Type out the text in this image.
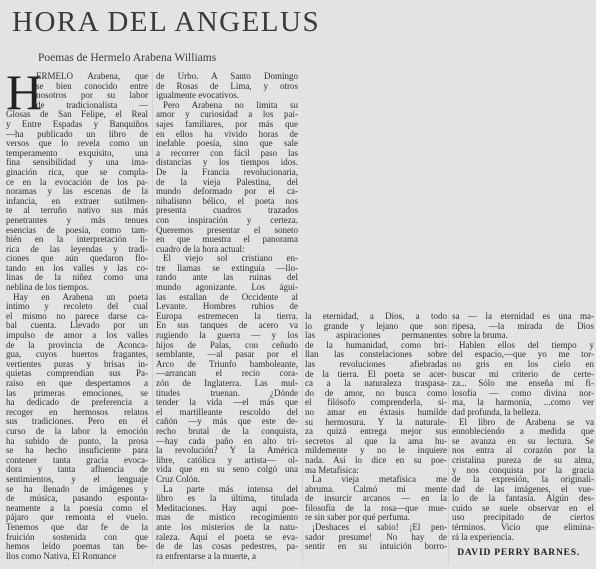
HORA DEL ANGELUS
Poemas de Hermelo Arabena Williams
H
ERMELO Arabena, que
se bien conocido entre
nosotros por su labor
de tradicionalista —
Glosas de San Felipe, el Real
y Entre Espadas y Banquiños
—ha publicado un libro de
versos que lo revela como un
temperamento exquisito, una
fina sensibilidad y una ima-
ginación rica, que se compla-
ce en la evocación de los pa-
noramas y las escenas de la
infancia, en extraer sutilmen-
te al terruño nativo sus más
penetrantes y más tenues
esencias de poesía, como tam-
bién en la interpretación lí-
rica de las leyendas y tradi-
ciones que aún quedaron flo-
tando en los valles y las co-
linas de la niñez como una
neblina de los tiempos.
Hay en Arabena un poeta
íntimo y recoleto del cual
el mismo no parece darse ca-
bal cuenta. Llevado por un
impulso de amor a los valles
de la provincia de Aconca-
gua, cuyos huertos fragantes,
vertientes puras y brisas in-
quietas comprendían sus Pa-
raíso en que despertamos a
las primeras emociones, se
ha dedicado de preferencia a
recoger en hermosos relatos
sus tradiciones. Pero en el
curso de la labor la emoción
ha subido de punto, la prosa
se ha hecho insuficiente para
contener tanta gracia evoca-
dora y tanta afluencia de
sentimientos, y el lenguaje
se ha llenado de imágenes y
de música, pasando esponta-
neamente a la poesía como el
pájaro que remonta el vuelo.
Tenemos que dar fe de la
fruición sostenida con que
hemos leído poemas tan be-
llos como Nativa, El Romance
de Urbo. A Santo Domingo
de Rosas de Lima, y otros
igualmente evocativos.
Pero Arabena no limita su
amor y curiosidad a los pai-
sajes familiares, por más que
en ellos ha vivido horas de
inefable poesía, sino que sale
a recorrer con fácil paso las
distancias y los tiempos idos.
De la Francia revolucionaria,
de la vieja Palestina, del
mundo deformado por el ca-
nibalismo bélico, el poeta nos
presenta cuadros trazados
con inspiración y certeza.
Queremos presentar el soneto
en que muestra el panorama
cuadro de la hora actual:
El viejo sol cristiano en-
tre llamas se extinguía —llo-
rando ante las ruinas del
mundo agonizante. Los águi-
las estallan de Occidente al
Levante. Hombres rubios de
Europa estremecen la tierra.
En sus tanques de acero va
rugiendo la guerra — y los
hijos de Palas, con ceñudo
semblante, —al pasar por el
Arco de Triunfo bamboleante,
—arrancan el recio cora-
zón de Inglaterra. Las mul-
titudes truenan. ¿Dónde
tender la vida —el más que
el martilleante rescoldo del
cañón —y más que este de-
recho brutal de la conquista,
—hay cada paño en alto tri-
la revolución? Y la América
libre, católica y artista— ol-
vida que en su seno colgó una
Cruz Colón.
La parte más intensa del
libro es la última, titulada
Meditaciones. Hay aquí poe-
mas de místico recogimiento
ante los misterios de la natu-
raleza. Aquí el poeta se eva-
de de las cosas pedestres, pa-
ra enfrentarse a la muerte, a
la eternidad, a Dios, a todo
lo grande y lejano que son
las aspiraciones permanentes
de la humanidad, como bri-
llan las constelaciones sobre
las revoluciones afiebradas
de la tierra. El poeta se acer-
ca a la naturaleza traspasa-
do de amor, no busca como
el filósofo comprenderla, si-
no amar en éxtasis humilde
su hermosura. Y la naturale-
za quizá entrega mejor sus
secretos al que la ama hu-
mildemente y no le inquiere
nada. Así lo dice en su poe-
ma Metafísica:
La vieja metafísica me
abruma. Calmó mi mente
de insurcir arcanos — en la
filosofía de la rosa—que mue-
re sin saber por qué perfuma.
¡Deshaces el sabio! ¡El pen-
sador presume! No hay de
sentir en su intuición borro-
sa — la eternidad es una ma-
ripesa, —la mirada de Dios
sobre la bruma.
Hablen ellos del tiempo y
del espacio,—que yo me tor-
no gris en los cielo en
buscar mi criterio de certe-
za... Sólo me enseña mi fi-
losofía — como divina nor-
ma, la harmonía, ...como ver
dad profunda, la belleza.
El libro de Arabena se va
ennobleciendo a medida que
se avanza en su lectura. Se
nos entra al corazón por la
cristalina pureza de su alma,
y nos conquista por la gracia
de la expresión, la originali-
dad de las imágenes, el vue-
lo de la fantasía. Algún des-
cuido se suele observar en el
uso precipitado de ciertos
términos. Vicio que elimina-
rá la experiencia.
DAVID PERRY BARNES.
